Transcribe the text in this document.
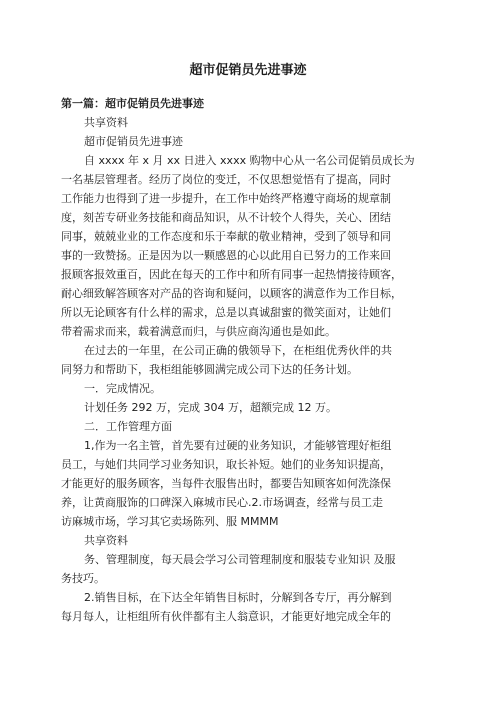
超市促销员先进事迹
第一篇：超市促销员先进事迹
共享资料
超市促销员先进事迹
自 xxxx 年 x 月 xx 日进入 xxxx 购物中心从一名公司促销员成长为
一名基层管理者。经历了岗位的变迁，不仅思想觉悟有了提高，同时
工作能力也得到了进一步提升，在工作中始终严格遵守商场的规章制
度，刻苦专研业务技能和商品知识，从不计较个人得失，关心、团结
同事，兢兢业业的工作态度和乐于奉献的敬业精神，受到了领导和同
事的一致赞扬。正是因为以一颗感恩的心以此用自已努力的工作来回
报顾客报效重百，因此在每天的工作中和所有同事一起热情接待顾客，
耐心细致解答顾客对产品的咨询和疑问，以顾客的满意作为工作目标，
所以无论顾客有什么样的需求，总是以真诚甜蜜的微笑面对，让她们
带着需求而来，载着满意而归，与供应商沟通也是如此。
在过去的一年里，在公司正确的俄领导下，在柜组优秀伙伴的共
同努力和帮助下，我柜组能够圆满完成公司下达的任务计划。
一．完成情况。
计划任务 292 万，完成 304 万，超额完成 12 万。
二．工作管理方面
1,作为一名主管，首先要有过硬的业务知识，才能够管理好柜组
员工，与她们共同学习业务知识，取长补短。她们的业务知识提高，
才能更好的服务顾客，当每件衣服售出时，都要告知顾客如何洗涤保
养，让黄商服饰的口碑深入麻城市民心.2.市场调查，经常与员工走
访麻城市场，学习其它卖场陈列、服 MMMM
共享资料
务、管理制度，每天晨会学习公司管理制度和服装专业知识 及服
务技巧。
2.销售目标，在下达全年销售目标时，分解到各专厅，再分解到
每月每人，让柜组所有伙伴都有主人翁意识，才能更好地完成全年的
